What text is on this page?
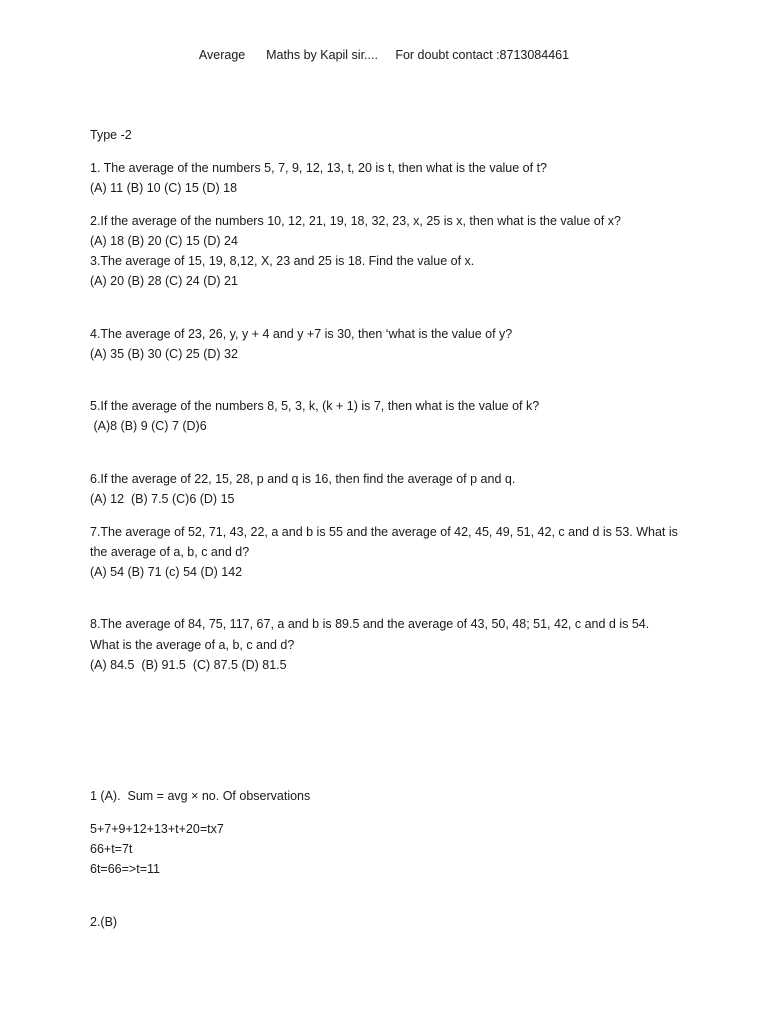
Average Maths by Kapil sir.... For doubt contact :8713084461
Type -2
1. The average of the numbers 5, 7, 9, 12, 13, t, 20 is t, then what is the value of t?
(A) 11 (B) 10 (C) 15 (D) 18
2.If the average of the numbers 10, 12, 21, 19, 18, 32, 23, x, 25 is x, then what is the value of x?
(A) 18 (B) 20 (C) 15 (D) 24
3.The average of 15, 19, 8,12, X, 23 and 25 is 18. Find the value of x.
(A) 20 (B) 28 (C) 24 (D) 21
4.The average of 23, 26, y, y + 4 and y +7 is 30, then ‘what is the value of y?
(A) 35 (B) 30 (C) 25 (D) 32
5.If the average of the numbers 8, 5, 3, k, (k + 1) is 7, then what is the value of k?
(A)8 (B) 9 (C) 7 (D)6
6.If the average of 22, 15, 28, p and q is 16, then find the average of p and q.
(A) 12  (B) 7.5 (C)6 (D) 15
7.The average of 52, 71, 43, 22, a and b is 55 and the average of 42, 45, 49, 51, 42, c and d is 53. What is
the average of a, b, c and d?
(A) 54 (B) 71 (c) 54 (D) 142
8.The average of 84, 75, 117, 67, a and b is 89.5 and the average of 43, 50, 48; 51, 42, c and d is 54.
What is the average of a, b, c and d?
(A) 84.5  (B) 91.5  (C) 87.5 (D) 81.5
1 (A).  Sum = avg × no. Of observations
5+7+9+12+13+t+20=tx7
66+t=7t
6t=66=>t=11
2.(B)
